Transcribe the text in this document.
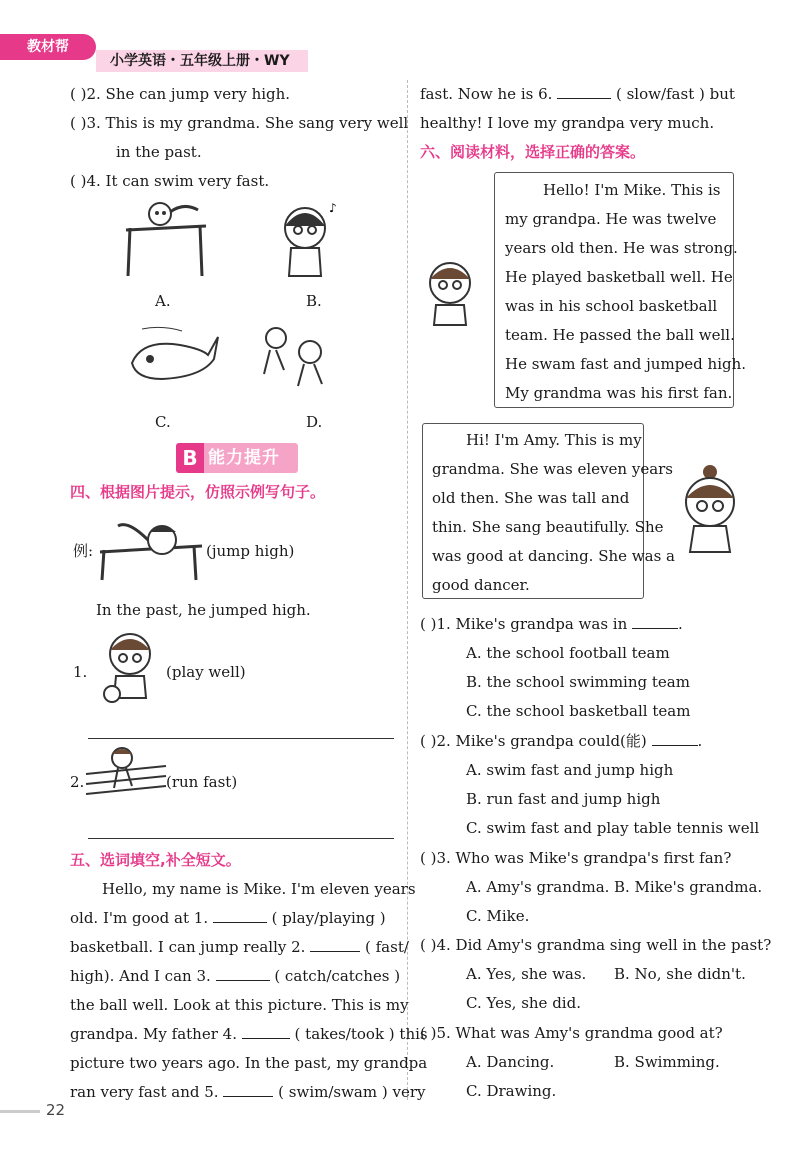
小学英语・五年级上册・WY
教材帮
( )2. She can jump very high.
( )3. This is my grandma. She sang very well
in the past.
( )4. It can swim very fast.
♪
A.	B.
C.	D.
B 能力提升
四、根据图片提示，仿照示例写句子。
例:	(jump high)
In the past, he jumped high.
1.	(play well)
2.	(run fast)
五、选词填空,补全短文。
Hello, my name is Mike. I'm eleven years
old. I'm good at 1.	( play/playing )
basketball. I can jump really 2.	( fast/
high). And I can 3.	( catch/catches )
the ball well. Look at this picture. This is my
grandpa. My father 4.	( takes/took ) this
picture two years ago. In the past, my grandpa
ran very fast and 5.	( swim/swam ) very
22
fast. Now he is 6.	( slow/fast ) but
healthy! I love my grandpa very much.
六、阅读材料，选择正确的答案。
Hello! I'm Mike. This is
my grandpa. He was twelve
years old then. He was strong.
He played basketball well. He
was in his school basketball
team. He passed the ball well.
He swam fast and jumped high.
My grandma was his first fan.
Hi! I'm Amy. This is my
grandma. She was eleven years
old then. She was tall and
thin. She sang beautifully. She
was good at dancing. She was a
good dancer.
( )1. Mike's grandpa was in	.
A. the school football team
B. the school swimming team
C. the school basketball team
( )2. Mike's grandpa could(能)	.
A. swim fast and jump high
B. run fast and jump high
C. swim fast and play table tennis well
( )3. Who was Mike's grandpa's first fan?
A. Amy's grandma. B. Mike's grandma.
C. Mike.
( )4. Did Amy's grandma sing well in the past?
A. Yes, she was. B. No, she didn't.
C. Yes, she did.
( )5. What was Amy's grandma good at?
A. Dancing.	B. Swimming.
C. Drawing.
